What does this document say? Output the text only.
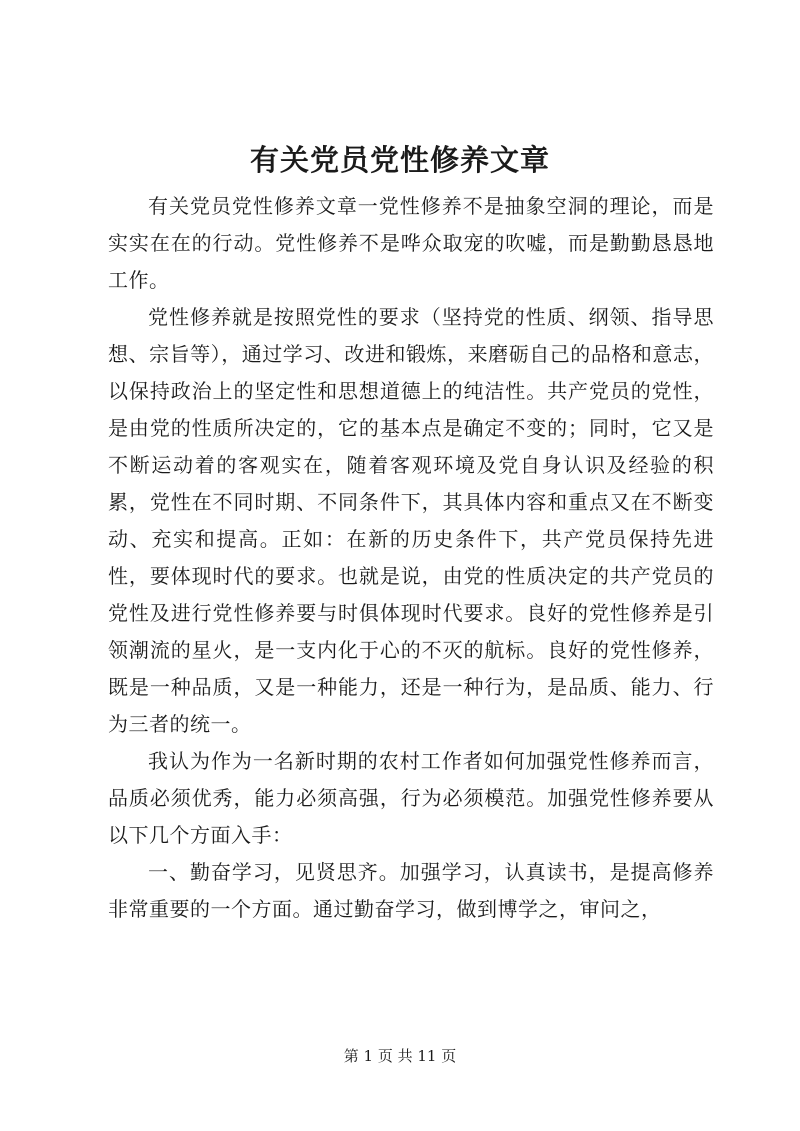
有关党员党性修养文章

有关党员党性修养文章一党性修养不是抽象空洞的理论，而是实实在在的行动。党性修养不是哗众取宠的吹嘘，而是勤勤恳恳地工作。

党性修养就是按照党性的要求（坚持党的性质、纲领、指导思想、宗旨等），通过学习、改进和锻炼，来磨砺自己的品格和意志，以保持政治上的坚定性和思想道德上的纯洁性。共产党员的党性，是由党的性质所决定的，它的基本点是确定不变的；同时，它又是不断运动着的客观实在，随着客观环境及党自身认识及经验的积累，党性在不同时期、不同条件下，其具体内容和重点又在不断变动、充实和提高。正如：在新的历史条件下，共产党员保持先进性，要体现时代的要求。也就是说，由党的性质决定的共产党员的党性及进行党性修养要与时俱体现时代要求。良好的党性修养是引领潮流的星火，是一支内化于心的不灭的航标。良好的党性修养，既是一种品质，又是一种能力，还是一种行为，是品质、能力、行为三者的统一。

我认为作为一名新时期的农村工作者如何加强党性修养而言，品质必须优秀，能力必须高强，行为必须模范。加强党性修养要从以下几个方面入手：

一、勤奋学习，见贤思齐。加强学习，认真读书，是提高修养非常重要的一个方面。通过勤奋学习，做到博学之，审问之，

第 1 页 共 11 页
